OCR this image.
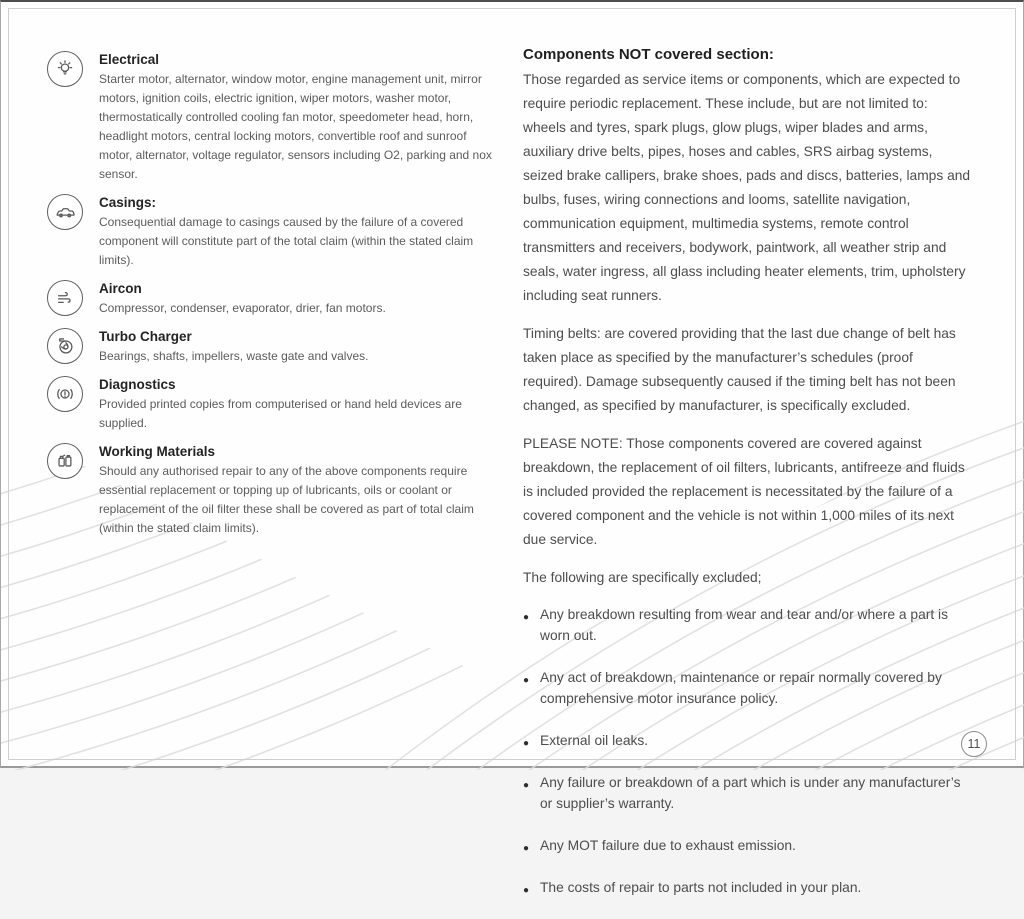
Electrical
Starter motor, alternator, window motor, engine management unit, mirror motors, ignition coils, electric ignition, wiper motors, washer motor, thermostatically controlled cooling fan motor, speedometer head, horn, headlight motors, central locking motors, convertible roof and sunroof motor, alternator, voltage regulator, sensors including O2, parking and nox sensor.
Casings:
Consequential damage to casings caused by the failure of a covered component will constitute part of the total claim (within the stated claim limits).
Aircon
Compressor, condenser, evaporator, drier, fan motors.
Turbo Charger
Bearings, shafts, impellers, waste gate and valves.
Diagnostics
Provided printed copies from computerised or hand held devices are supplied.
Working Materials
Should any authorised repair to any of the above components require essential replacement or topping up of lubricants, oils or coolant or replacement of the oil filter these shall be covered as part of total claim (within the stated claim limits).
Components NOT covered section:

Those regarded as service items or components, which are expected to require periodic replacement. These include, but are not limited to: wheels and tyres, spark plugs, glow plugs, wiper blades and arms, auxiliary drive belts, pipes, hoses and cables, SRS airbag systems, seized brake callipers, brake shoes, pads and discs, batteries, lamps and bulbs, fuses, wiring connections and looms, satellite navigation, communication equipment, multimedia systems, remote control transmitters and receivers, bodywork, paintwork, all weather strip and seals, water ingress, all glass including heater elements, trim, upholstery including seat runners.

Timing belts: are covered providing that the last due change of belt has taken place as specified by the manufacturer’s schedules (proof required). Damage subsequently caused if the timing belt has not been changed, as specified by manufacturer, is specifically excluded.

PLEASE NOTE: Those components covered are covered against breakdown, the replacement of oil filters, lubricants, antifreeze and fluids is included provided the replacement is necessitated by the failure of a covered component and the vehicle is not within 1,000 miles of its next due service.

The following are specifically excluded;

● Any breakdown resulting from wear and tear and/or where a part is worn out.
● Any act of breakdown, maintenance or repair normally covered by comprehensive motor insurance policy.
● External oil leaks.
● Any failure or breakdown of a part which is under any manufacturer’s or supplier’s warranty.
● Any MOT failure due to exhaust emission.
● The costs of repair to parts not included in your plan.
11
